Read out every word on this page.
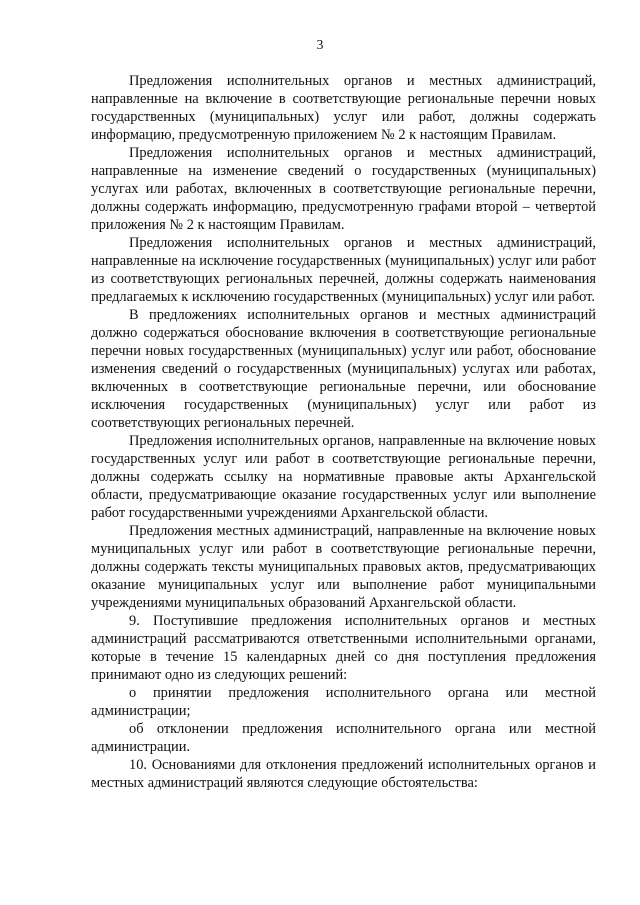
3

Предложения исполнительных органов и местных администраций, направленные на включение в соответствующие региональные перечни новых государственных (муниципальных) услуг или работ, должны содержать информацию, предусмотренную приложением № 2 к настоящим Правилам.

Предложения исполнительных органов и местных администраций, направленные на изменение сведений о государственных (муниципальных) услугах или работах, включенных в соответствующие региональные перечни, должны содержать информацию, предусмотренную графами второй – четвертой приложения № 2 к настоящим Правилам.

Предложения исполнительных органов и местных администраций, направленные на исключение государственных (муниципальных) услуг или работ из соответствующих региональных перечней, должны содержать наименования предлагаемых к исключению государственных (муниципальных) услуг или работ.

В предложениях исполнительных органов и местных администраций должно содержаться обоснование включения в соответствующие региональные перечни новых государственных (муниципальных) услуг или работ, обоснование изменения сведений о государственных (муниципальных) услугах или работах, включенных в соответствующие региональные перечни, или обоснование исключения государственных (муниципальных) услуг или работ из соответствующих региональных перечней.

Предложения исполнительных органов, направленные на включение новых государственных услуг или работ в соответствующие региональные перечни, должны содержать ссылку на нормативные правовые акты Архангельской области, предусматривающие оказание государственных услуг или выполнение работ государственными учреждениями Архангельской области.

Предложения местных администраций, направленные на включение новых муниципальных услуг или работ в соответствующие региональные перечни, должны содержать тексты муниципальных правовых актов, предусматривающих оказание муниципальных услуг или выполнение работ муниципальными учреждениями муниципальных образований Архангельской области.

9. Поступившие предложения исполнительных органов и местных администраций рассматриваются ответственными исполнительными органами, которые в течение 15 календарных дней со дня поступления предложения принимают одно из следующих решений:

о принятии предложения исполнительного органа или местной администрации;

об отклонении предложения исполнительного органа или местной администрации.

10. Основаниями для отклонения предложений исполнительных органов и местных администраций являются следующие обстоятельства:
